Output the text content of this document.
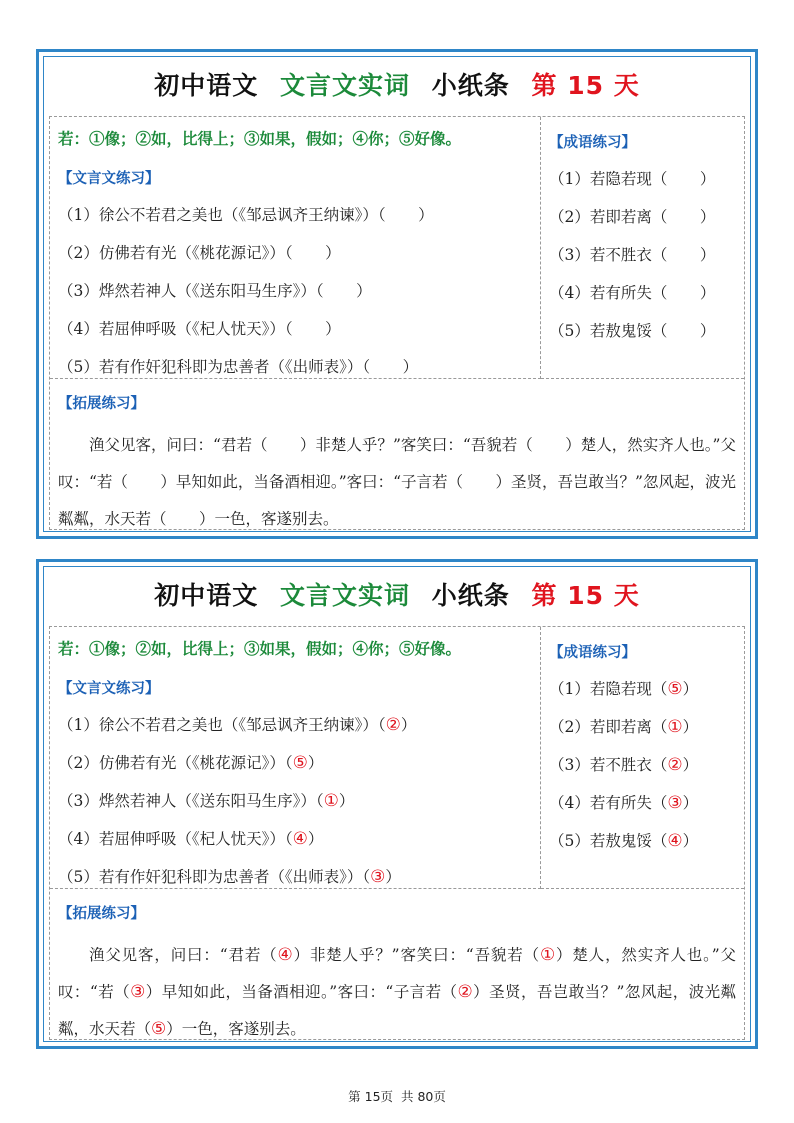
初中语文 文言文实词 小纸条 第 15 天
若：①像；②如，比得上；③如果，假如；④你；⑤好像。
【文言文练习】
（1）徐公不若君之美也（《邹忌讽齐王纳谏》）（ ）
（2）仿佛若有光（《桃花源记》）（ ）
（3）烨然若神人（《送东阳马生序》）（ ）
（4）若屈伸呼吸（《杞人忧天》）（ ）
（5）若有作奸犯科即为忠善者（《出师表》）（ ）
【成语练习】
（1）若隐若现（ ）
（2）若即若离（ ）
（3）若不胜衣（ ）
（4）若有所失（ ）
（5）若敖鬼馁（ ）
【拓展练习】
渔父见客，问曰：“君若（ ）非楚人乎？”客笑曰：“吾貌若（ ）楚人，然实齐人也。”父叹：“若（ ）早知如此，当备酒相迎。”客曰：“子言若（ ）圣贤，吾岂敢当？”忽风起，波光粼粼，水天若（ ）一色，客遂别去。
初中语文 文言文实词 小纸条 第 15 天
若：①像；②如，比得上；③如果，假如；④你；⑤好像。
【文言文练习】
（1）徐公不若君之美也（《邹忌讽齐王纳谏》）（②）
（2）仿佛若有光（《桃花源记》）（⑤）
（3）烨然若神人（《送东阳马生序》）（①）
（4）若屈伸呼吸（《杞人忧天》）（④）
（5）若有作奸犯科即为忠善者（《出师表》）（③）
【成语练习】
（1）若隐若现（⑤）
（2）若即若离（①）
（3）若不胜衣（②）
（4）若有所失（③）
（5）若敖鬼馁（④）
【拓展练习】
渔父见客，问曰：“君若（④）非楚人乎？”客笑曰：“吾貌若（①）楚人，然实齐人也。”父叹：“若（③）早知如此，当备酒相迎。”客曰：“子言若（②）圣贤，吾岂敢当？”忽风起，波光粼粼，水天若（⑤）一色，客遂别去。
第 15页  共 80页
